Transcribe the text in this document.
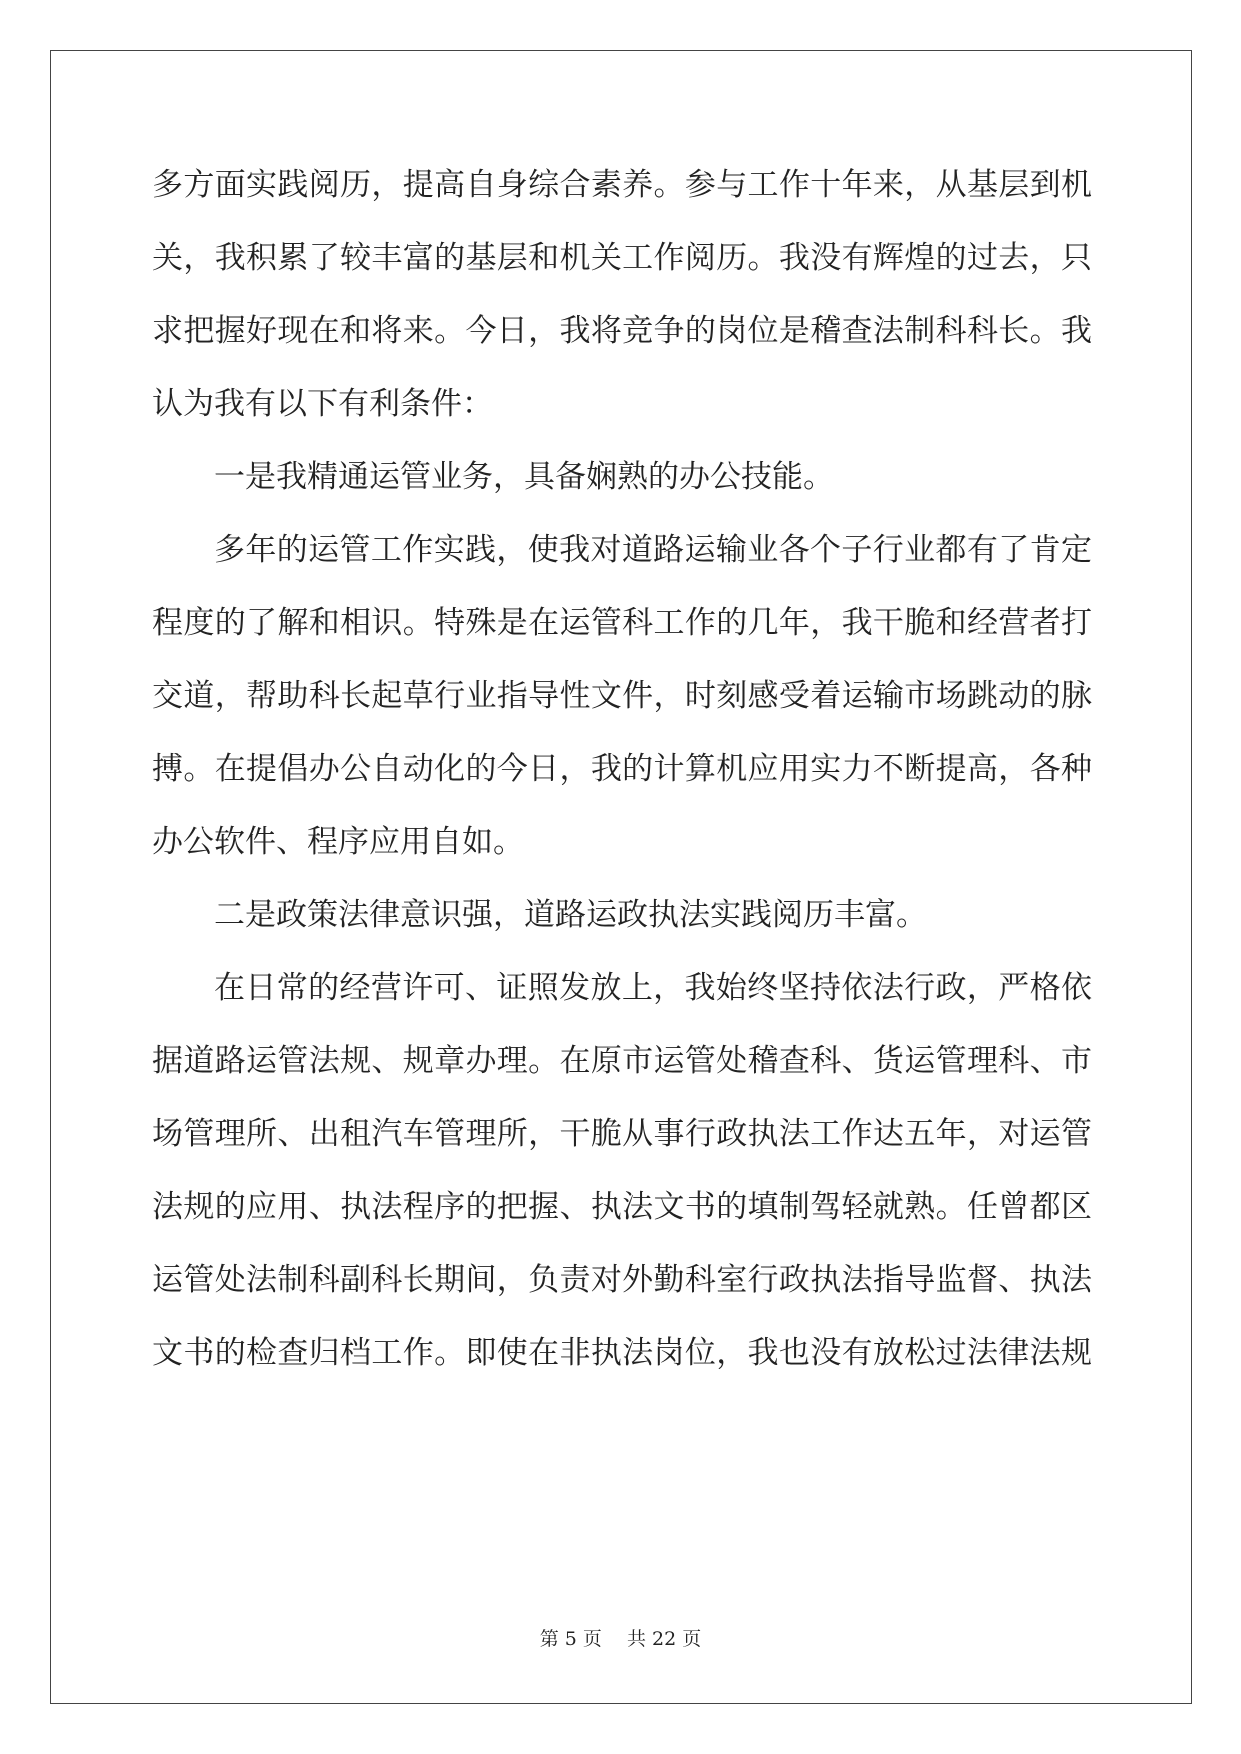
多方面实践阅历，提高自身综合素养。参与工作十年来，从基层到机
关，我积累了较丰富的基层和机关工作阅历。我没有辉煌的过去，只
求把握好现在和将来。今日，我将竞争的岗位是稽查法制科科长。我
认为我有以下有利条件：
一是我精通运管业务，具备娴熟的办公技能。
多年的运管工作实践，使我对道路运输业各个子行业都有了肯定
程度的了解和相识。特殊是在运管科工作的几年，我干脆和经营者打
交道，帮助科长起草行业指导性文件，时刻感受着运输市场跳动的脉
搏。在提倡办公自动化的今日，我的计算机应用实力不断提高，各种
办公软件、程序应用自如。
二是政策法律意识强，道路运政执法实践阅历丰富。
在日常的经营许可、证照发放上，我始终坚持依法行政，严格依
据道路运管法规、规章办理。在原市运管处稽查科、货运管理科、市
场管理所、出租汽车管理所，干脆从事行政执法工作达五年，对运管
法规的应用、执法程序的把握、执法文书的填制驾轻就熟。任曾都区
运管处法制科副科长期间，负责对外勤科室行政执法指导监督、执法
文书的检查归档工作。即使在非执法岗位，我也没有放松过法律法规
第 5 页　 共 22 页
